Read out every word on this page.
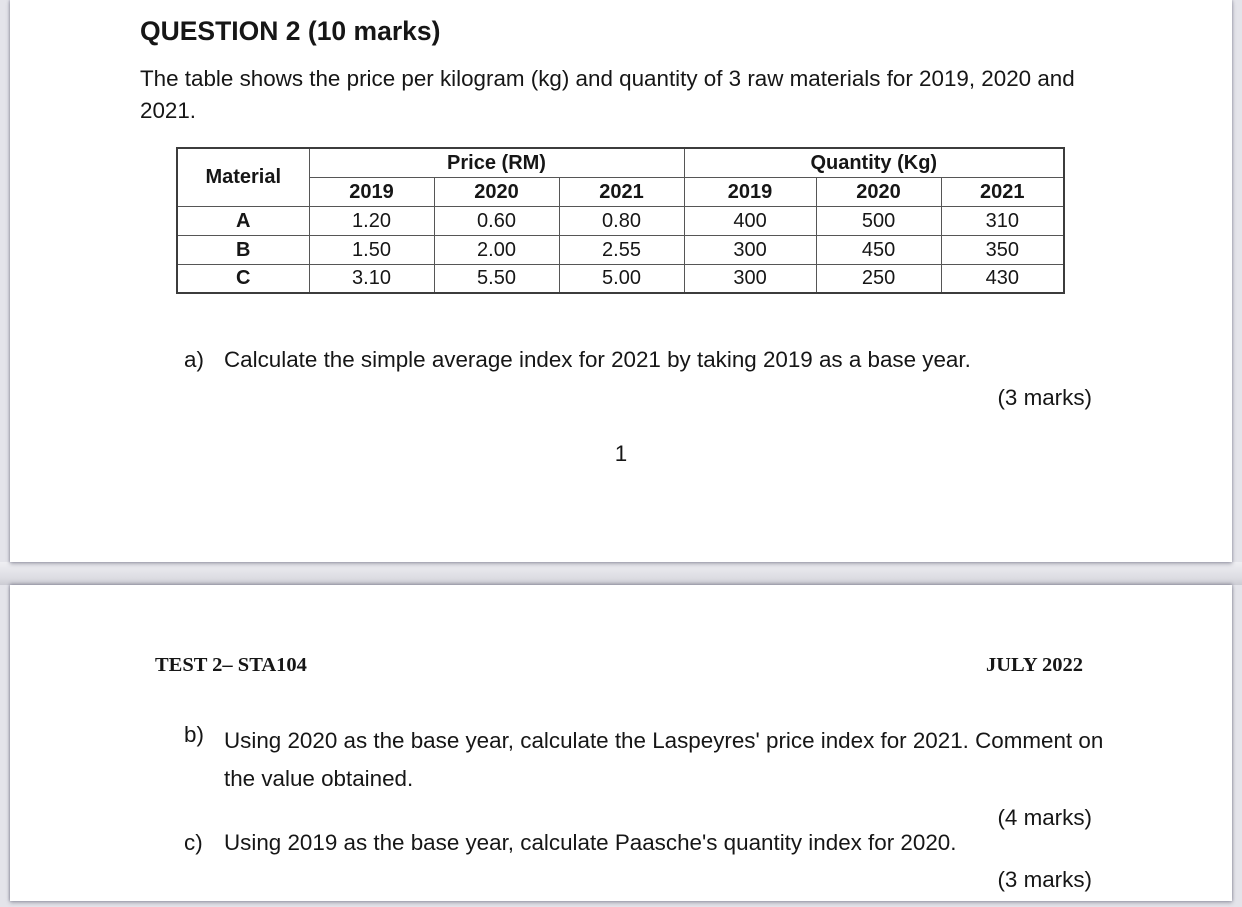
QUESTION 2 (10 marks)
The table shows the price per kilogram (kg) and quantity of 3 raw materials for 2019, 2020 and 2021.
Material	Price (RM)			Quantity (Kg)		
	2019	2020	2021	2019	2020	2021
A	1.20	0.60	0.80	400	500	310
B	1.50	2.00	2.55	300	450	350
C	3.10	5.50	5.00	300	250	430
a) Calculate the simple average index for 2021 by taking 2019 as a base year.
(3 marks)
1
TEST 2– STA104	JULY 2022
b) Using 2020 as the base year, calculate the Laspeyres' price index for 2021. Comment on the value obtained.
(4 marks)
c) Using 2019 as the base year, calculate Paasche's quantity index for 2020.
(3 marks)
